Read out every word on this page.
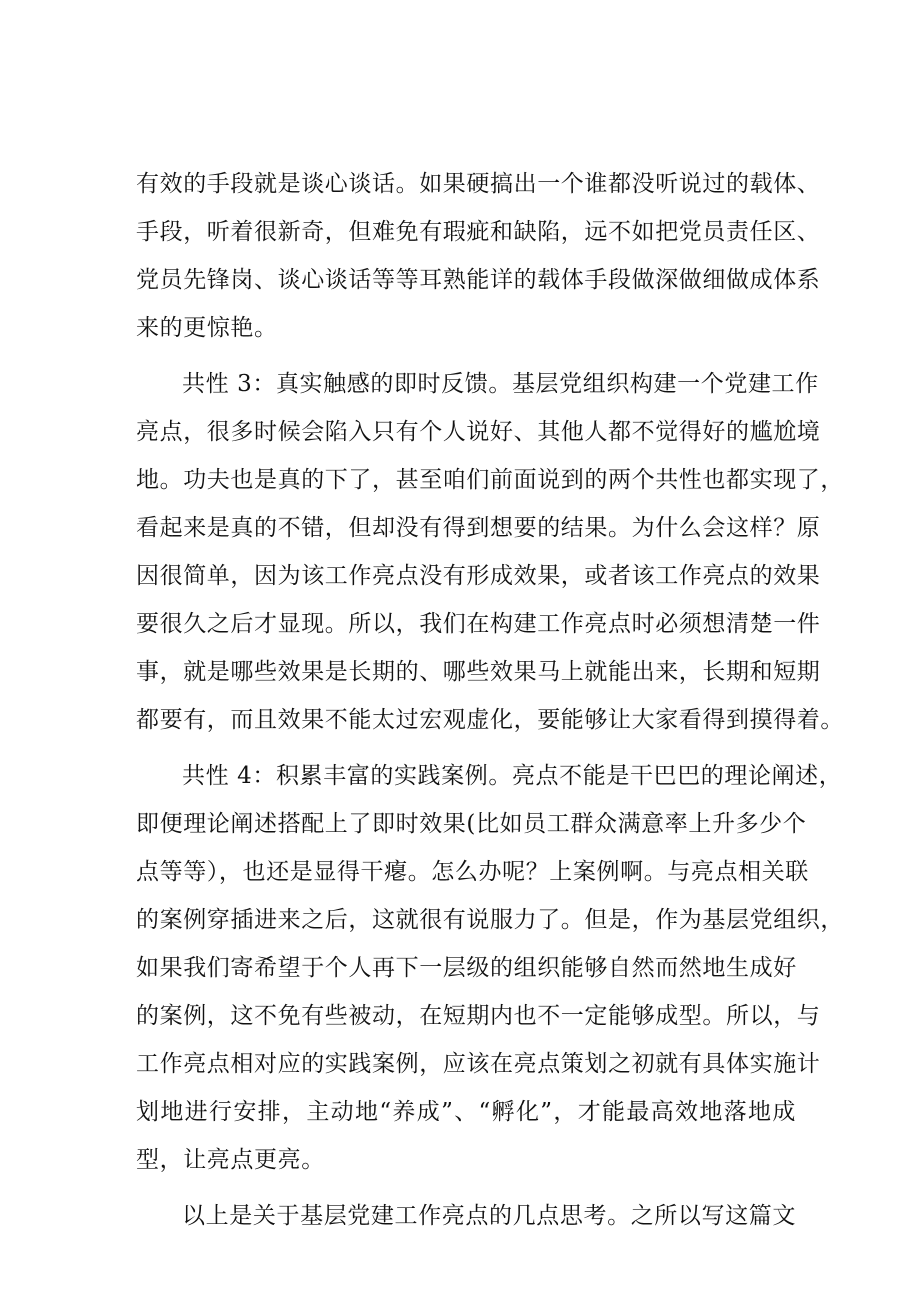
有效的手段就是谈心谈话。如果硬搞出一个谁都没听说过的载体、
手段，听着很新奇，但难免有瑕疵和缺陷，远不如把党员责任区、
党员先锋岗、谈心谈话等等耳熟能详的载体手段做深做细做成体系
来的更惊艳。
共性 3：真实触感的即时反馈。基层党组织构建一个党建工作
亮点，很多时候会陷入只有个人说好、其他人都不觉得好的尴尬境
地。功夫也是真的下了，甚至咱们前面说到的两个共性也都实现了，
看起来是真的不错，但却没有得到想要的结果。为什么会这样？原
因很简单，因为该工作亮点没有形成效果，或者该工作亮点的效果
要很久之后才显现。所以，我们在构建工作亮点时必须想清楚一件
事，就是哪些效果是长期的、哪些效果马上就能出来，长期和短期
都要有，而且效果不能太过宏观虚化，要能够让大家看得到摸得着。
共性 4：积累丰富的实践案例。亮点不能是干巴巴的理论阐述，
即便理论阐述搭配上了即时效果(比如员工群众满意率上升多少个
点等等），也还是显得干瘪。怎么办呢？上案例啊。与亮点相关联
的案例穿插进来之后，这就很有说服力了。但是，作为基层党组织，
如果我们寄希望于个人再下一层级的组织能够自然而然地生成好
的案例，这不免有些被动，在短期内也不一定能够成型。所以，与
工作亮点相对应的实践案例，应该在亮点策划之初就有具体实施计
划地进行安排，主动地“养成”、“孵化”，才能最高效地落地成
型，让亮点更亮。
以上是关于基层党建工作亮点的几点思考。之所以写这篇文
